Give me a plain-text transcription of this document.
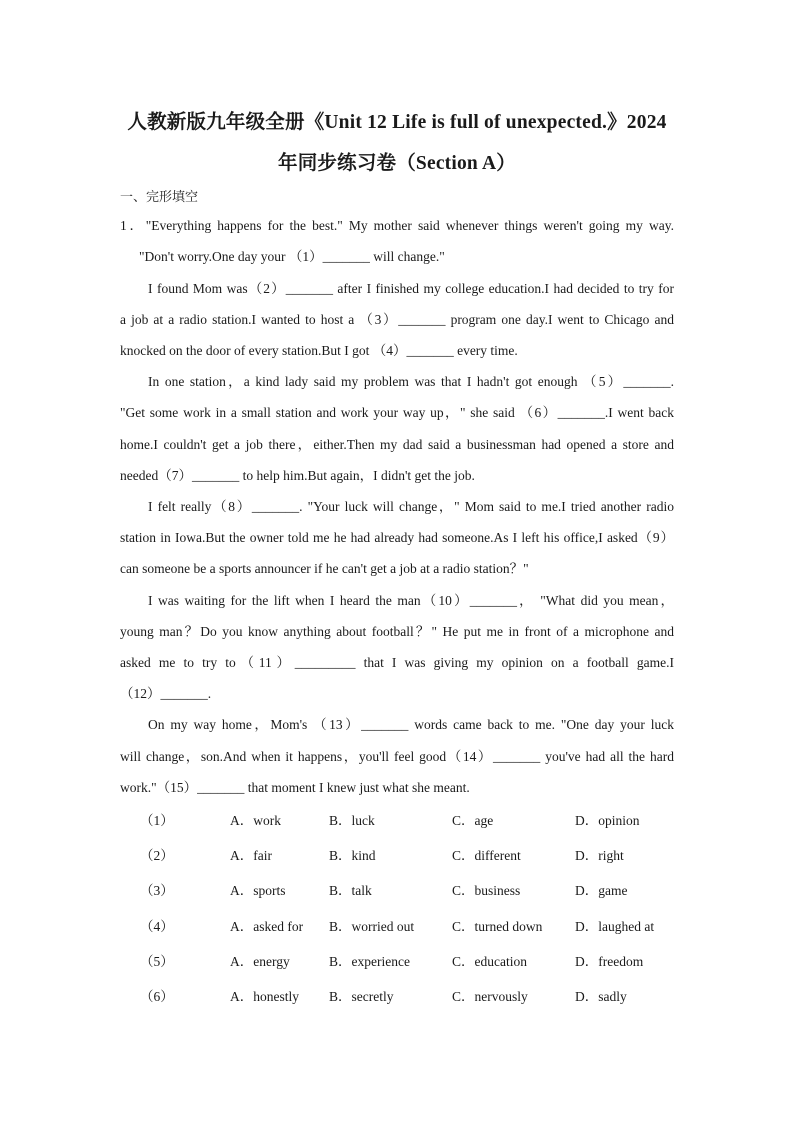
人教新版九年级全册《Unit 12 Life is full of unexpected.》2024
年同步练习卷（Section A）
一、完形填空
1．"Everything happens for the best." My mother said whenever things weren't going my way.
"Don't worry.One day your （1）_______ will change."
I found Mom was（2）_______ after I finished my college education.I had decided to try for
a job at a radio station.I wanted to host a （3）_______ program one day.I went to Chicago and
knocked on the door of every station.But I got （4）_______ every time.
In one station，a kind lady said my problem was that I hadn't got enough （5）_______.
"Get some work in a small station and work your way up，" she said （6）_______.I went back
home.I couldn't get a job there，either.Then my dad said a businessman had opened a store and
needed（7）_______ to help him.But again，I didn't get the job.
I felt really（8）_______. "Your luck will change，" Mom said to me.I tried another radio
station in Iowa.But the owner told me he had already had someone.As I left his office,I asked（9）
can someone be a sports announcer if he can't get a job at a radio station？"
I was waiting for the lift when I heard the man（10）_______， "What did you mean，
young man？Do you know anything about football？" He put me in front of a microphone and
asked me to try to（11）_________ that I was giving my opinion on a football game.I
（12）_______.
On my way home，Mom's （13）_______ words came back to me. "One day your luck
will change，son.And when it happens，you'll feel good（14）_______ you've had all the hard
work."（15）_______ that moment I knew just what she meant.
（1）	A．work	B．luck	C．age	D．opinion
（2）	A．fair	B．kind	C．different	D．right
（3）	A．sports	B．talk	C．business	D．game
（4）	A．asked for B．worried out	C．turned down D．laughed at
（5）	A．energy	B．experience	C．education	D．freedom
（6）	A．honestly B．secretly	C．nervously	D．sadly
